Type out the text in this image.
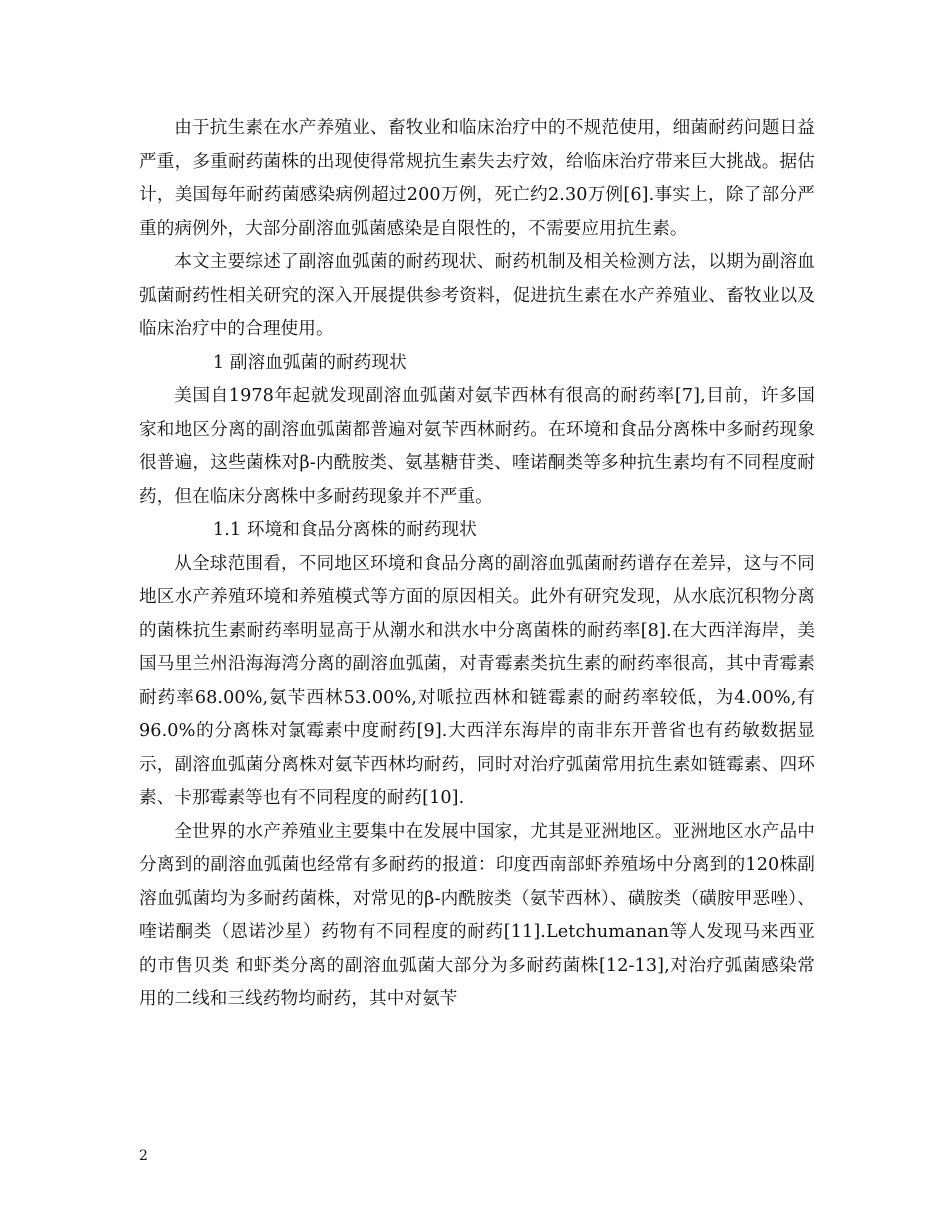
由于抗生素在水产养殖业、畜牧业和临床治疗中的不规范使用，细菌耐药问题日益严重，多重耐药菌株的出现使得常规抗生素失去疗效，给临床治疗带来巨大挑战。据估计，美国每年耐药菌感染病例超过200万例，死亡约2.30万例[6].事实上，除了部分严重的病例外，大部分副溶血弧菌感染是自限性的，不需要应用抗生素。

本文主要综述了副溶血弧菌的耐药现状、耐药机制及相关检测方法，以期为副溶血弧菌耐药性相关研究的深入开展提供参考资料，促进抗生素在水产养殖业、畜牧业以及临床治疗中的合理使用。

1 副溶血弧菌的耐药现状

美国自1978年起就发现副溶血弧菌对氨苄西林有很高的耐药率[7],目前，许多国家和地区分离的副溶血弧菌都普遍对氨苄西林耐药。在环境和食品分离株中多耐药现象很普遍，这些菌株对β-内酰胺类、氨基糖苷类、喹诺酮类等多种抗生素均有不同程度耐药，但在临床分离株中多耐药现象并不严重。

1.1 环境和食品分离株的耐药现状

从全球范围看，不同地区环境和食品分离的副溶血弧菌耐药谱存在差异，这与不同地区水产养殖环境和养殖模式等方面的原因相关。此外有研究发现，从水底沉积物分离的菌株抗生素耐药率明显高于从潮水和洪水中分离菌株的耐药率[8].在大西洋海岸，美国马里兰州沿海海湾分离的副溶血弧菌，对青霉素类抗生素的耐药率很高，其中青霉素耐药率68.00%,氨苄西林53.00%,对哌拉西林和链霉素的耐药率较低，为4.00%,有96.0%的分离株对氯霉素中度耐药[9].大西洋东海岸的南非东开普省也有药敏数据显示，副溶血弧菌分离株对氨苄西林均耐药，同时对治疗弧菌常用抗生素如链霉素、四环素、卡那霉素等也有不同程度的耐药[10].

全世界的水产养殖业主要集中在发展中国家，尤其是亚洲地区。亚洲地区水产品中分离到的副溶血弧菌也经常有多耐药的报道：印度西南部虾养殖场中分离到的120株副溶血弧菌均为多耐药菌株，对常见的β-内酰胺类（氨苄西林）、磺胺类（磺胺甲恶唑）、喹诺酮类（恩诺沙星）药物有不同程度的耐药[11].Letchumanan等人发现马来西亚的市售贝类 和虾类分离的副溶血弧菌大部分为多耐药菌株[12-13],对治疗弧菌感染常用的二线和三线药物均耐药，其中对氨苄

2
